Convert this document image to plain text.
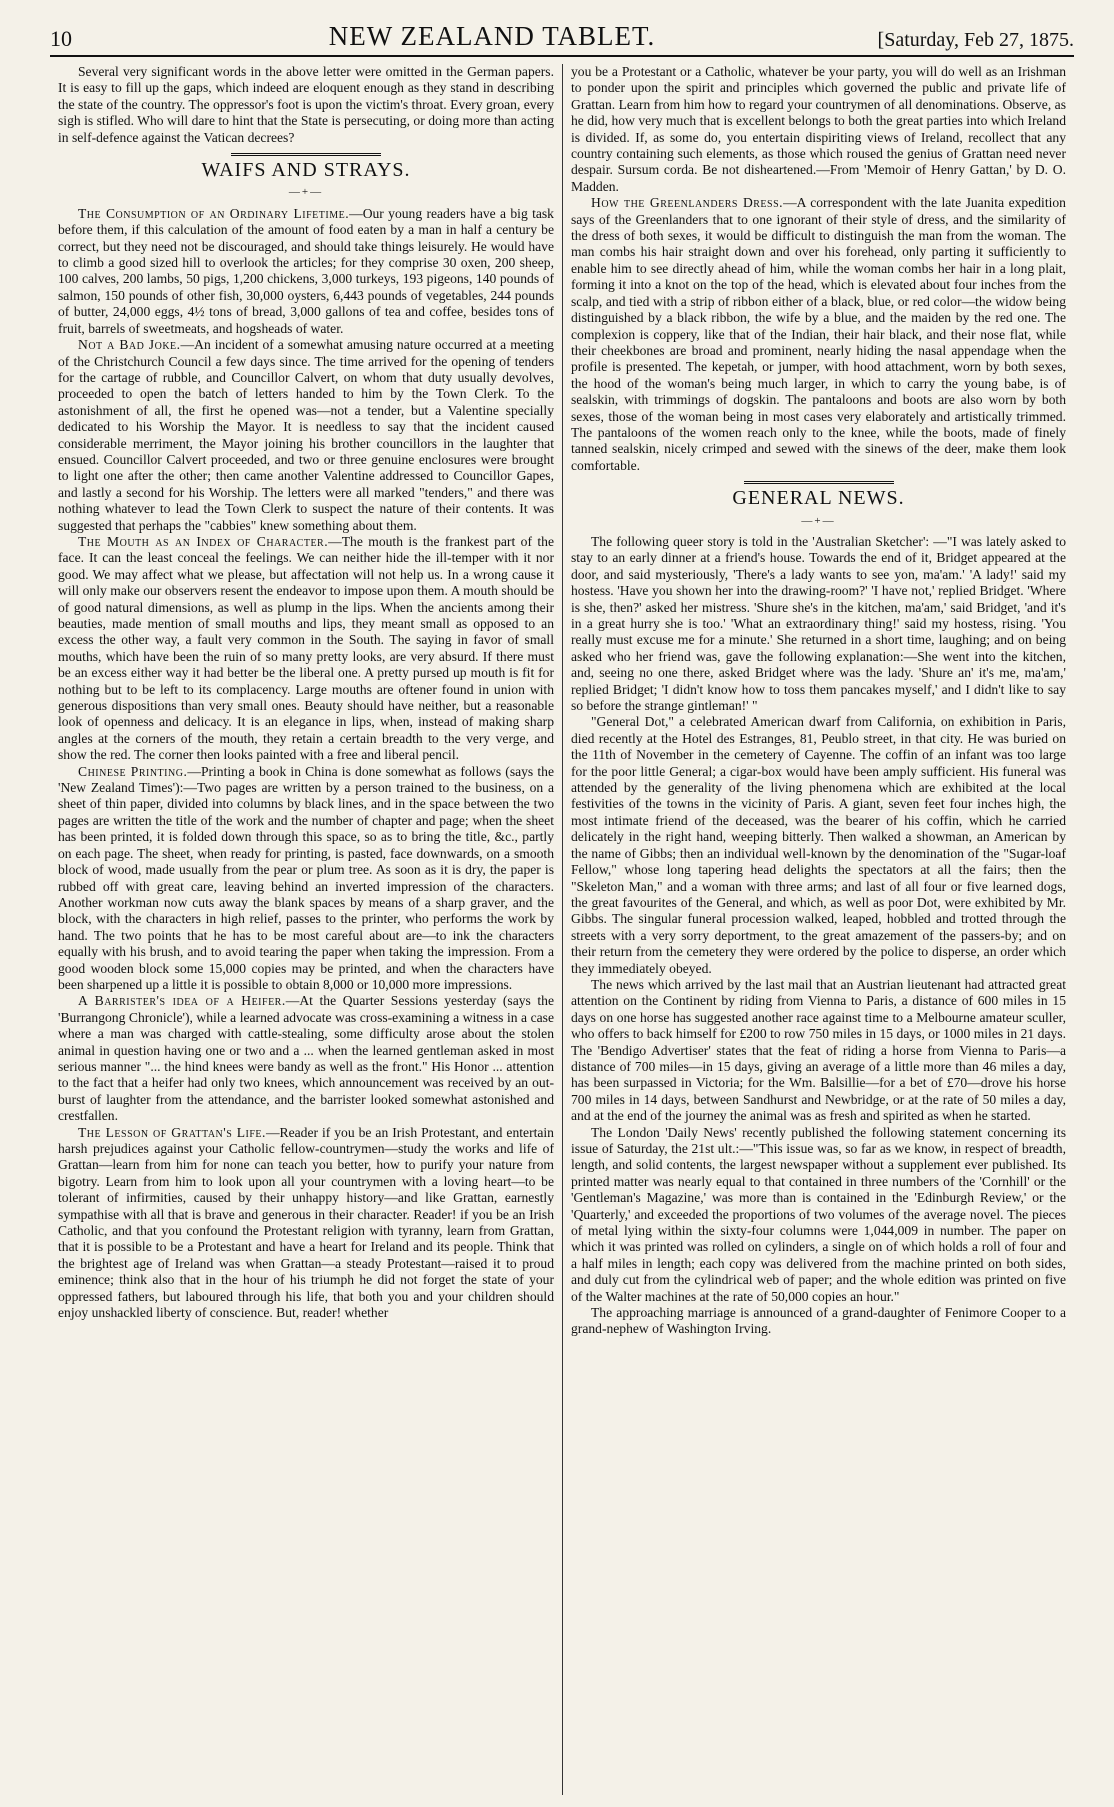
10	NEW ZEALAND TABLET.	[Saturday, Feb 27, 1875.

Several very significant words in the above letter were omitted in the German papers. It is easy to fill up the gaps, which indeed are eloquent enough as they stand in describing the state of the country. The oppressor's foot is upon the victim's throat. Every groan, every sigh is stifled. Who will dare to hint that the State is persecuting, or doing more than acting in self-defence against the Vatican decrees?

WAIFS AND STRAYS.
—+—

The Consumption of an Ordinary Lifetime.—Our young readers have a big task before them, if this calculation of the amount of food eaten by a man in half a century be correct, but they need not be discouraged, and should take things leisurely. He would have to climb a good sized hill to overlook the articles; for they comprise 30 oxen, 200 sheep, 100 calves, 200 lambs, 50 pigs, 1,200 chickens, 3,000 turkeys, 193 pigeons, 140 pounds of salmon, 150 pounds of other fish, 30,000 oysters, 6,443 pounds of vegetables, 244 pounds of butter, 24,000 eggs, 4½ tons of bread, 3,000 gallons of tea and coffee, besides tons of fruit, barrels of sweetmeats, and hogsheads of water.

Not a Bad Joke.—An incident of a somewhat amusing nature occurred at a meeting of the Christchurch Council a few days since. The time arrived for the opening of tenders for the cartage of rubble, and Councillor Calvert, on whom that duty usually devolves, proceeded to open the batch of letters handed to him by the Town Clerk. To the astonishment of all, the first he opened was—not a tender, but a Valentine specially dedicated to his Worship the Mayor. It is needless to say that the incident caused considerable merriment, the Mayor joining his brother councillors in the laughter that ensued. Councillor Calvert proceeded, and two or three genuine enclosures were brought to light one after the other; then came another Valentine addressed to Councillor Gapes, and lastly a second for his Worship. The letters were all marked "tenders," and there was nothing whatever to lead the Town Clerk to suspect the nature of their contents. It was suggested that perhaps the "cabbies" knew something about them.

The Mouth as an Index of Character.—The mouth is the frankest part of the face. It can the least conceal the feelings. We can neither hide the ill-temper with it nor good. We may affect what we please, but affectation will not help us. In a wrong cause it will only make our observers resent the endeavor to impose upon them. A mouth should be of good natural dimensions, as well as plump in the lips. When the ancients among their beauties, made mention of small mouths and lips, they meant small as opposed to an excess the other way, a fault very common in the South. The saying in favor of small mouths, which have been the ruin of so many pretty looks, are very absurd. If there must be an excess either way it had better be the liberal one. A pretty pursed up mouth is fit for nothing but to be left to its complacency. Large mouths are oftener found in union with generous dispositions than very small ones. Beauty should have neither, but a reasonable look of openness and delicacy. It is an elegance in lips, when, instead of making sharp angles at the corners of the mouth, they retain a certain breadth to the very verge, and show the red. The corner then looks painted with a free and liberal pencil.

Chinese Printing.—Printing a book in China is done somewhat as follows (says the 'New Zealand Times'):—Two pages are written by a person trained to the business, on a sheet of thin paper, divided into columns by black lines, and in the space between the two pages are written the title of the work and the number of chapter and page; when the sheet has been printed, it is folded down through this space, so as to bring the title, &c., partly on each page. The sheet, when ready for printing, is pasted, face downwards, on a smooth block of wood, made usually from the pear or plum tree. As soon as it is dry, the paper is rubbed off with great care, leaving behind an inverted impression of the characters. Another workman now cuts away the blank spaces by means of a sharp graver, and the block, with the characters in high relief, passes to the printer, who performs the work by hand. The two points that he has to be most careful about are—to ink the characters equally with his brush, and to avoid tearing the paper when taking the impression. From a good wooden block some 15,000 copies may be printed, and when the characters have been sharpened up a little it is possible to obtain 8,000 or 10,000 more impressions.

A Barrister's idea of a Heifer.—At the Quarter Sessions yesterday (says the 'Burrangong Chronicle'), while a learned advocate was cross-examining a witness in a case where a man was charged with cattle-stealing, some difficulty arose about the stolen animal in question having one or two and a ... when the learned gentleman asked in most serious manner "... the hind knees were bandy as well as the front." His Honor ... attention to the fact that a heifer had only two knees, which announcement was received by an out-burst of laughter from the attendance, and the barrister looked somewhat astonished and crestfallen.

The Lesson of Grattan's Life.—Reader if you be an Irish Protestant, and entertain harsh prejudices against your Catholic fellow-countrymen—study the works and life of Grattan—learn from him for none can teach you better, how to purify your nature from bigotry. Learn from him to look upon all your countrymen with a loving heart—to be tolerant of infirmities, caused by their unhappy history—and like Grattan, earnestly sympathise with all that is brave and generous in their character. Reader! if you be an Irish Catholic, and that you confound the Protestant religion with tyranny, learn from Grattan, that it is possible to be a Protestant and have a heart for Ireland and its people. Think that the brightest age of Ireland was when Grattan—a steady Protestant—raised it to proud eminence; think also that in the hour of his triumph he did not forget the state of your oppressed fathers, but laboured through his life, that both you and your children should enjoy unshackled liberty of conscience. But, reader! whether

you be a Protestant or a Catholic, whatever be your party, you will do well as an Irishman to ponder upon the spirit and principles which governed the public and private life of Grattan. Learn from him how to regard your countrymen of all denominations. Observe, as he did, how very much that is excellent belongs to both the great parties into which Ireland is divided. If, as some do, you entertain dispiriting views of Ireland, recollect that any country containing such elements, as those which roused the genius of Grattan need never despair. Sursum corda. Be not disheartened.—From 'Memoir of Henry Gattan,' by D. O. Madden.

How the Greenlanders Dress.—A correspondent with the late Juanita expedition says of the Greenlanders that to one ignorant of their style of dress, and the similarity of the dress of both sexes, it would be difficult to distinguish the man from the woman. The man combs his hair straight down and over his forehead, only parting it sufficiently to enable him to see directly ahead of him, while the woman combs her hair in a long plait, forming it into a knot on the top of the head, which is elevated about four inches from the scalp, and tied with a strip of ribbon either of a black, blue, or red color—the widow being distinguished by a black ribbon, the wife by a blue, and the maiden by the red one. The complexion is coppery, like that of the Indian, their hair black, and their nose flat, while their cheekbones are broad and prominent, nearly hiding the nasal appendage when the profile is presented. The kepetah, or jumper, with hood attachment, worn by both sexes, the hood of the woman's being much larger, in which to carry the young babe, is of sealskin, with trimmings of dogskin. The pantaloons and boots are also worn by both sexes, those of the woman being in most cases very elaborately and artistically trimmed. The pantaloons of the women reach only to the knee, while the boots, made of finely tanned sealskin, nicely crimped and sewed with the sinews of the deer, make them look comfortable.

GENERAL NEWS.
—+—

The following queer story is told in the 'Australian Sketcher': —"I was lately asked to stay to an early dinner at a friend's house. Towards the end of it, Bridget appeared at the door, and said mysteriously, 'There's a lady wants to see yon, ma'am.' 'A lady!' said my hostess. 'Have you shown her into the drawing-room?' 'I have not,' replied Bridget. 'Where is she, then?' asked her mistress. 'Shure she's in the kitchen, ma'am,' said Bridget, 'and it's in a great hurry she is too.' 'What an extraordinary thing!' said my hostess, rising. 'You really must excuse me for a minute.' She returned in a short time, laughing; and on being asked who her friend was, gave the following explanation:—She went into the kitchen, and, seeing no one there, asked Bridget where was the lady. 'Shure an' it's me, ma'am,' replied Bridget; 'I didn't know how to toss them pancakes myself,' and I didn't like to say so before the strange gintleman!' "

"General Dot," a celebrated American dwarf from California, on exhibition in Paris, died recently at the Hotel des Estranges, 81, Peublo street, in that city. He was buried on the 11th of November in the cemetery of Cayenne. The coffin of an infant was too large for the poor little General; a cigar-box would have been amply sufficient. His funeral was attended by the generality of the living phenomena which are exhibited at the local festivities of the towns in the vicinity of Paris. A giant, seven feet four inches high, the most intimate friend of the deceased, was the bearer of his coffin, which he carried delicately in the right hand, weeping bitterly. Then walked a showman, an American by the name of Gibbs; then an individual well-known by the denomination of the "Sugar-loaf Fellow," whose long tapering head delights the spectators at all the fairs; then the "Skeleton Man," and a woman with three arms; and last of all four or five learned dogs, the great favourites of the General, and which, as well as poor Dot, were exhibited by Mr. Gibbs. The singular funeral procession walked, leaped, hobbled and trotted through the streets with a very sorry deportment, to the great amazement of the passers-by; and on their return from the cemetery they were ordered by the police to disperse, an order which they immediately obeyed.

The news which arrived by the last mail that an Austrian lieutenant had attracted great attention on the Continent by riding from Vienna to Paris, a distance of 600 miles in 15 days on one horse has suggested another race against time to a Melbourne amateur sculler, who offers to back himself for £200 to row 750 miles in 15 days, or 1000 miles in 21 days. The 'Bendigo Advertiser' states that the feat of riding a horse from Vienna to Paris—a distance of 700 miles—in 15 days, giving an average of a little more than 46 miles a day, has been surpassed in Victoria; for the Wm. Balsillie—for a bet of £70—drove his horse 700 miles in 14 days, between Sandhurst and Newbridge, or at the rate of 50 miles a day, and at the end of the journey the animal was as fresh and spirited as when he started.

The London 'Daily News' recently published the following statement concerning its issue of Saturday, the 21st ult.:—"This issue was, so far as we know, in respect of breadth, length, and solid contents, the largest newspaper without a supplement ever published. Its printed matter was nearly equal to that contained in three numbers of the 'Cornhill' or the 'Gentleman's Magazine,' was more than is contained in the 'Edinburgh Review,' or the 'Quarterly,' and exceeded the proportions of two volumes of the average novel. The pieces of metal lying within the sixty-four columns were 1,044,009 in number. The paper on which it was printed was rolled on cylinders, a single on of which holds a roll of four and a half miles in length; each copy was delivered from the machine printed on both sides, and duly cut from the cylindrical web of paper; and the whole edition was printed on five of the Walter machines at the rate of 50,000 copies an hour."

The approaching marriage is announced of a grand-daughter of Fenimore Cooper to a grand-nephew of Washington Irving.
